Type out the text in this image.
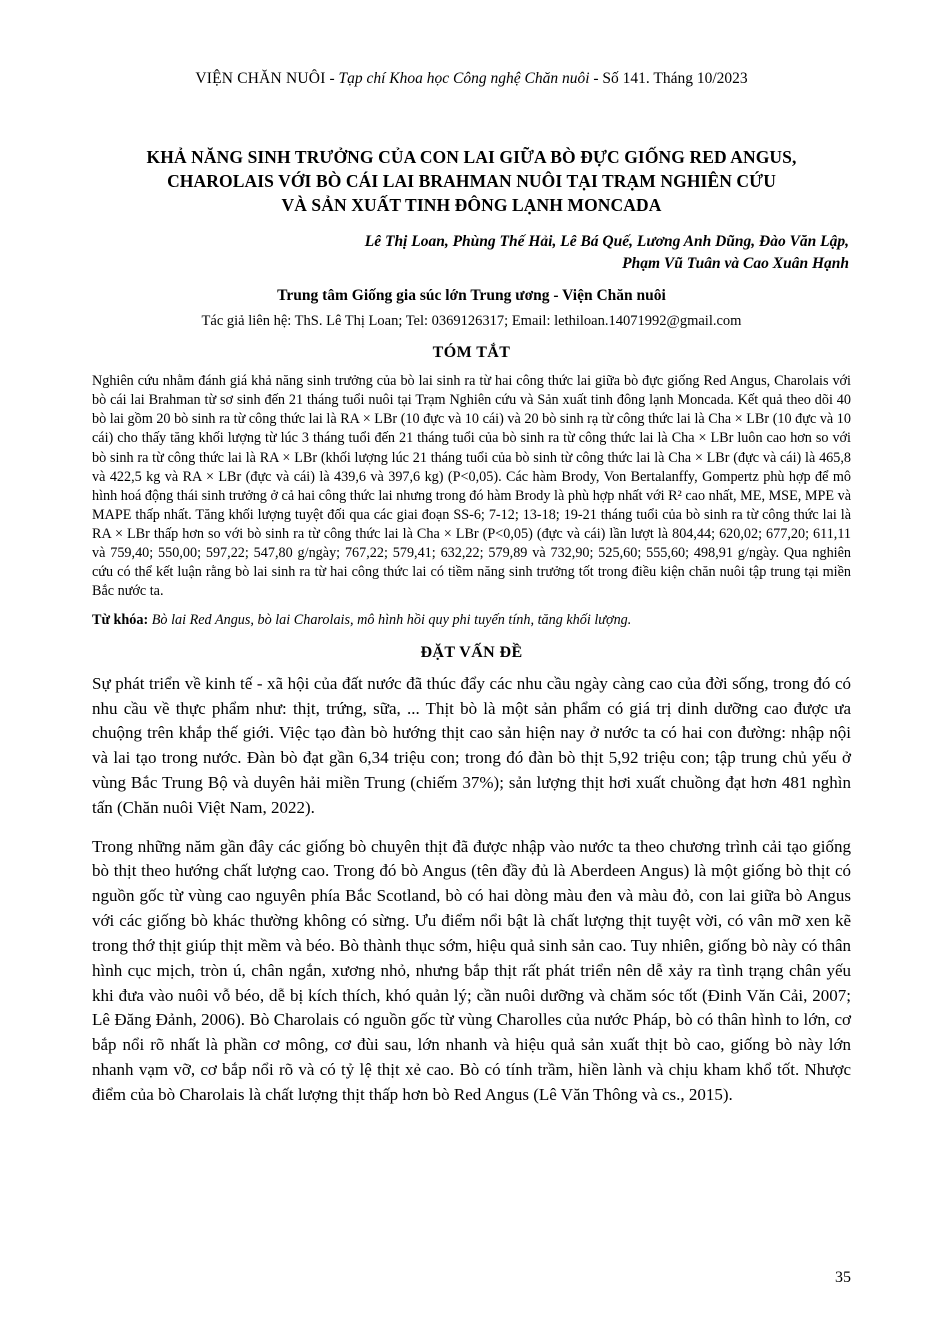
VIỆN CHĂN NUÔI - Tạp chí Khoa học Công nghệ Chăn nuôi - Số 141. Tháng 10/2023
KHẢ NĂNG SINH TRƯỞNG CỦA CON LAI GIỮA BÒ ĐỰC GIỐNG RED ANGUS,
CHAROLAIS VỚI BÒ CÁI LAI BRAHMAN NUÔI TẠI TRẠM NGHIÊN CỨU
VÀ SẢN XUẤT TINH ĐÔNG LẠNH MONCADA
Lê Thị Loan, Phùng Thế Hải, Lê Bá Quế, Lương Anh Dũng, Đào Văn Lập,
Phạm Vũ Tuân và Cao Xuân Hạnh
Trung tâm Giống gia súc lớn Trung ương - Viện Chăn nuôi
Tác giả liên hệ: ThS. Lê Thị Loan; Tel: 0369126317; Email: lethiloan.14071992@gmail.com
TÓM TẮT
Nghiên cứu nhằm đánh giá khả năng sinh trưởng của bò lai sinh ra từ hai công thức lai giữa bò đực giống Red Angus, Charolais với bò cái lai Brahman từ sơ sinh đến 21 tháng tuổi nuôi tại Trạm Nghiên cứu và Sản xuất tinh đông lạnh Moncada. Kết quả theo dõi 40 bò lai gồm 20 bò sinh ra từ công thức lai là RA × LBr (10 đực và 10 cái) và 20 bò sinh rạ từ công thức lai là Cha × LBr (10 đực và 10 cái) cho thấy tăng khối lượng từ lúc 3 tháng tuổi đến 21 tháng tuổi của bò sinh ra từ công thức lai là Cha × LBr luôn cao hơn so với bò sinh ra từ công thức lai là RA × LBr (khối lượng lúc 21 tháng tuổi của bò sinh từ công thức lai là Cha × LBr (đực và cái) là 465,8 và 422,5 kg và RA × LBr (đực và cái) là 439,6 và 397,6 kg) (P<0,05). Các hàm Brody, Von Bertalanffy, Gompertz phù hợp để mô hình hoá động thái sinh trưởng ở cả hai công thức lai nhưng trong đó hàm Brody là phù hợp nhất với R² cao nhất, ME, MSE, MPE và MAPE thấp nhất. Tăng khối lượng tuyệt đối qua các giai đoạn SS-6; 7-12; 13-18; 19-21 tháng tuổi của bò sinh ra từ công thức lai là RA × LBr thấp hơn so với bò sinh ra từ công thức lai là Cha × LBr (P<0,05) (đực và cái) lần lượt là 804,44; 620,02; 677,20; 611,11 và 759,40; 550,00; 597,22; 547,80 g/ngày; 767,22; 579,41; 632,22; 579,89 và 732,90; 525,60; 555,60; 498,91 g/ngày. Qua nghiên cứu có thể kết luận rằng bò lai sinh ra từ hai công thức lai có tiềm năng sinh trưởng tốt trong điều kiện chăn nuôi tập trung tại miền Bắc nước ta.
Từ khóa: Bò lai Red Angus, bò lai Charolais, mô hình hồi quy phi tuyến tính, tăng khối lượng.
ĐẶT VẤN ĐỀ

Sự phát triển về kinh tế - xã hội của đất nước đã thúc đẩy các nhu cầu ngày càng cao của đời sống, trong đó có nhu cầu về thực phẩm như: thịt, trứng, sữa, ... Thịt bò là một sản phẩm có giá trị dinh dưỡng cao được ưa chuộng trên khắp thế giới. Việc tạo đàn bò hướng thịt cao sản hiện nay ở nước ta có hai con đường: nhập nội và lai tạo trong nước. Đàn bò đạt gần 6,34 triệu con; trong đó đàn bò thịt 5,92 triệu con; tập trung chủ yếu ở vùng Bắc Trung Bộ và duyên hải miền Trung (chiếm 37%); sản lượng thịt hơi xuất chuồng đạt hơn 481 nghìn tấn (Chăn nuôi Việt Nam, 2022).

Trong những năm gần đây các giống bò chuyên thịt đã được nhập vào nước ta theo chương trình cải tạo giống bò thịt theo hướng chất lượng cao. Trong đó bò Angus (tên đầy đủ là Aberdeen Angus) là một giống bò thịt có nguồn gốc từ vùng cao nguyên phía Bắc Scotland, bò có hai dòng màu đen và màu đỏ, con lai giữa bò Angus với các giống bò khác thường không có sừng. Ưu điểm nổi bật là chất lượng thịt tuyệt vời, có vân mỡ xen kẽ trong thớ thịt giúp thịt mềm và béo. Bò thành thục sớm, hiệu quả sinh sản cao. Tuy nhiên, giống bò này có thân hình cục mịch, tròn ú, chân ngắn, xương nhỏ, nhưng bắp thịt rất phát triển nên dễ xảy ra tình trạng chân yếu khi đưa vào nuôi vỗ béo, dễ bị kích thích, khó quản lý; cần nuôi dưỡng và chăm sóc tốt (Đinh Văn Cải, 2007; Lê Đăng Đảnh, 2006). Bò Charolais có nguồn gốc từ vùng Charolles của nước Pháp, bò có thân hình to lớn, cơ bắp nổi rõ nhất là phần cơ mông, cơ đùi sau, lớn nhanh và hiệu quả sản xuất thịt bò cao, giống bò này lớn nhanh vạm vỡ, cơ bắp nổi rõ và có tỷ lệ thịt xẻ cao. Bò có tính trầm, hiền lành và chịu kham khổ tốt. Nhược điểm của bò Charolais là chất lượng thịt thấp hơn bò Red Angus (Lê Văn Thông và cs., 2015).

35
